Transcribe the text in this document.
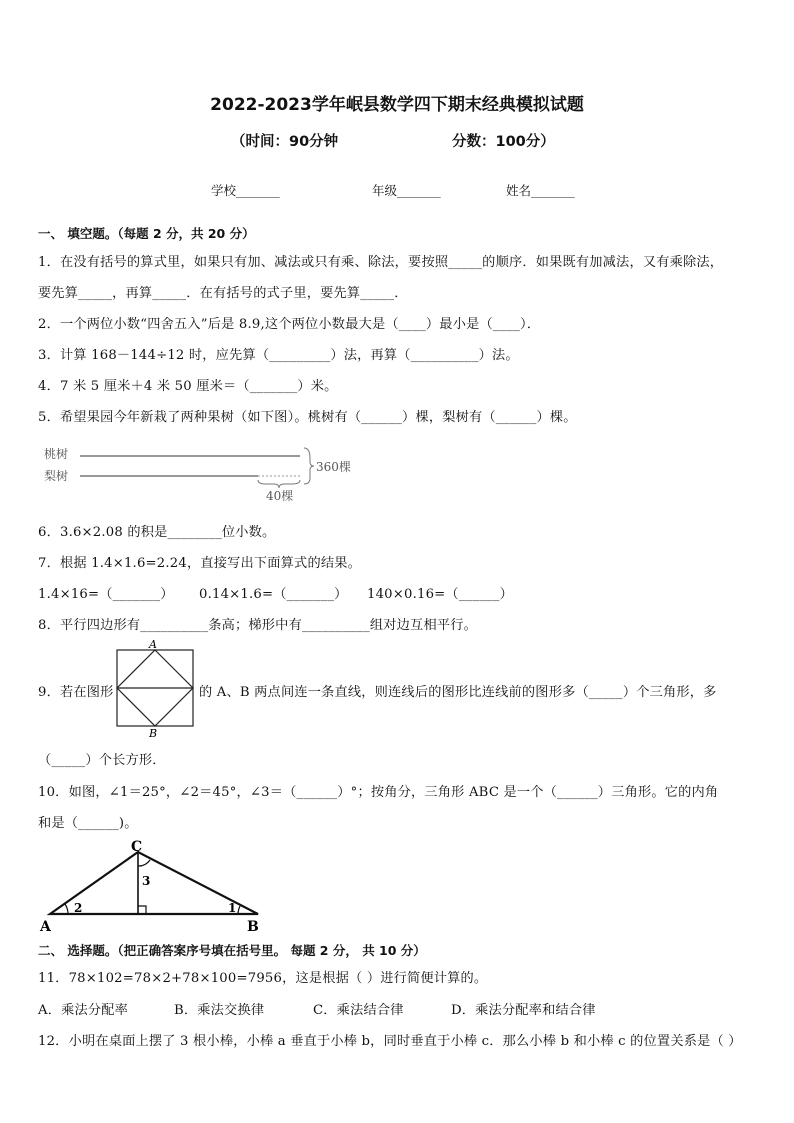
2022-2023学年岷县数学四下期末经典模拟试题
（时间：90分钟	分数：100分）
学校_______	年级_______	姓名_______
一、 填空题。（每题 2 分，共 20 分）
1．在没有括号的算式里，如果只有加、减法或只有乘、除法，要按照_____的顺序．如果既有加减法，又有乘除法，
要先算_____，再算_____．在有括号的式子里，要先算_____．
2．一个两位小数“四舍五入”后是 8.9,这个两位小数最大是（____）最小是（____）．
3．计算 168－144÷12 时，应先算（_________）法，再算（__________）法。
4．7 米 5 厘米＋4 米 50 厘米＝（_______）米。
5．希望果园今年新栽了两种果树（如下图）。桃树有（______）棵，梨树有（______）棵。
桃树
梨树
360棵
40棵
6．3.6×2.08 的积是________位小数。
7．根据 1.4×1.6=2.24，直接写出下面算式的结果。
1.4×16=（_______） 0.14×1.6=（_______） 140×0.16=（______）
8．平行四边形有__________条高；梯形中有__________组对边互相平行。
9．若在图形
A
B
的 A、B 两点间连一条直线，则连线后的图形比连线前的图形多（_____）个三角形，多
（_____）个长方形．
10．如图，∠1＝25°，∠2＝45°，∠3＝（______）°；按角分，三角形 ABC 是一个（______）三角形。它的内角
和是（______)。
C
A	B
3
2	1
二、 选择题。（把正确答案序号填在括号里。 每题 2 分， 共 10 分）
11．78×102=78×2+78×100=7956，这是根据（ ）进行简便计算的。
A．乘法分配率	B．乘法交换律	C．乘法结合律	D．乘法分配率和结合律
12．小明在桌面上摆了 3 根小棒，小棒 a 垂直于小棒 b，同时垂直于小棒 c．那么小棒 b 和小棒 c 的位置关系是（ ）
